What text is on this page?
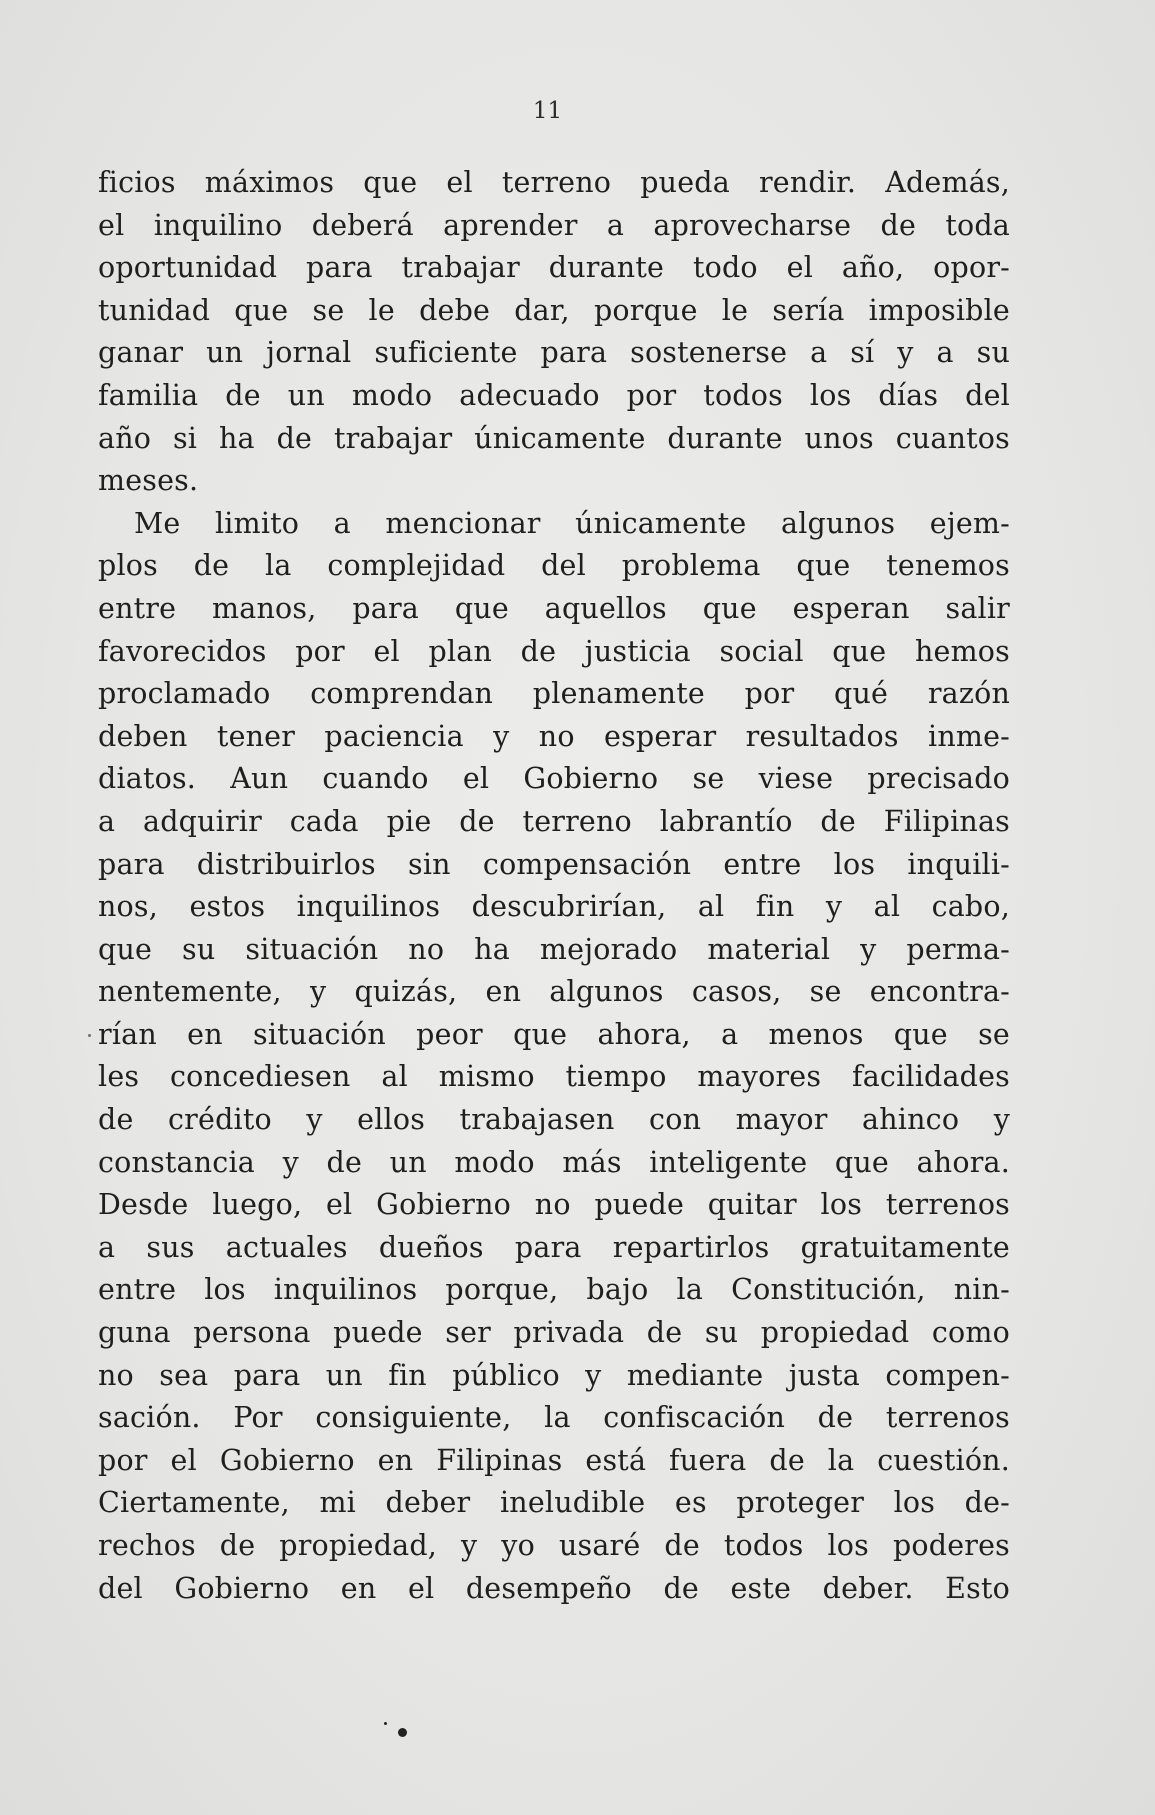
11
ficios máximos que el terreno pueda rendir. Además,
el inquilino deberá aprender a aprovecharse de toda
oportunidad para trabajar durante todo el año, opor-
tunidad que se le debe dar, porque le sería imposible
ganar un jornal suficiente para sostenerse a sí y a su
familia de un modo adecuado por todos los días del
año si ha de trabajar únicamente durante unos cuantos
meses.
Me limito a mencionar únicamente algunos ejem-
plos de la complejidad del problema que tenemos
entre manos, para que aquellos que esperan salir
favorecidos por el plan de justicia social que hemos
proclamado comprendan plenamente por qué razón
deben tener paciencia y no esperar resultados inme-
diatos. Aun cuando el Gobierno se viese precisado
a adquirir cada pie de terreno labrantío de Filipinas
para distribuirlos sin compensación entre los inquili-
nos, estos inquilinos descubrirían, al fin y al cabo,
que su situación no ha mejorado material y perma-
nentemente, y quizás, en algunos casos, se encontra-
rían en situación peor que ahora, a menos que se
les concediesen al mismo tiempo mayores facilidades
de crédito y ellos trabajasen con mayor ahinco y
constancia y de un modo más inteligente que ahora.
Desde luego, el Gobierno no puede quitar los terrenos
a sus actuales dueños para repartirlos gratuitamente
entre los inquilinos porque, bajo la Constitución, nin-
guna persona puede ser privada de su propiedad como
no sea para un fin público y mediante justa compen-
sación. Por consiguiente, la confiscación de terrenos
por el Gobierno en Filipinas está fuera de la cuestión.
Ciertamente, mi deber ineludible es proteger los de-
rechos de propiedad, y yo usaré de todos los poderes
del Gobierno en el desempeño de este deber. Esto
